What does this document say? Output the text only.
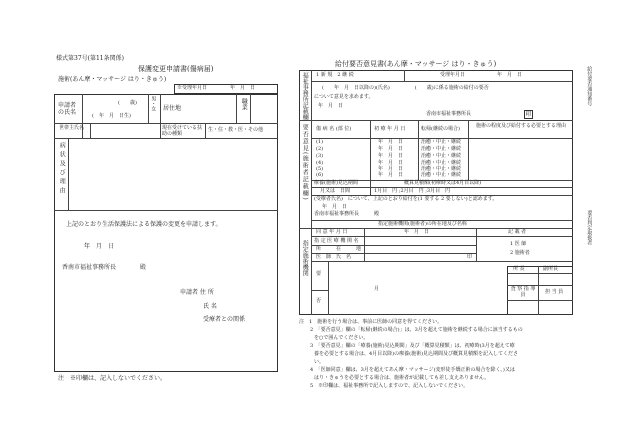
様式第37号(第11条関係)
保護変更申請書(傷病届)
施術(あん摩・マッサージ はり・きゅう)
※受理年月日	年　月　日
申請者の氏名
(　　歳)
(　年　月　日生)
男・女 居住地	職業
世帯主氏名	現在受けている扶助の種類
生・住・教・医・その他
病状及び理由
上記のとおり生活保護法による保護の変更を申請します。
年　月　日
香南市福祉事務所長　　　　殿
申請者 住 所
氏 名
受療者との関係
注　※印欄は、記入しないでください。
給付要否意見書(あん摩・マッサージ はり・きゅう)
福祉事務所記載欄
要否意見(施術者記載欄)
指定施術機関
1 新 規　2 継 続	受理年月日	年　月　日
(　　年　月　日以降の)(氏名)　　　　　(　　歳)に係る施術の給付の要否
について意見を求めます。
年　月　日
香南市福祉事務所長	印
傷 病 名 (部 位)	初 療 年 月 日	転帰(継続の場合)	施術の程度及び給付する必要とする理由
(1)	年　月　日	治癒・中止・継続
(2)	年　月　日	治癒・中止・継続
(3)	年　月　日	治癒・中止・継続
(4)	年　月　日	治癒・中止・継続
(5)	年　月　日	治癒・中止・継続
(6)	年　月　日	治癒・中止・継続
療養(施術)見込期間	概算見積額(初療時又は4月目以降)
月又は　日間	1月目　円 ;2月目　円 ;3月目　円
(受療者氏名)　について、上記のとおり給付を(1 要する 2 要しない)と認めます。
年　月　日
香南市福祉事務所長　　　殿
指定施術機関(施術者)の所在地及び名称
同 意 年 月 日	年　月　日	記 載 者
指 定 医 療 機 関 名
所　　　在　　　地
医　師　氏　名	印
1 医 師
2 施術者
要
否
月
所 長	副所長
査 察 指 導 員	担 当 員
給付要否通知番号
要否判定取扱者
注　1　施術を行う場合は、事前に医師の同意を得てください。
2　「要否意見」欄の「転帰(継続の場合)」は、3月を超えて施術を継続する場合に該当するもの
を○で囲んでください。
3　「要否意見」欄の「療養(施術)見込期間」及び「概算見積額」は、初療時(3月を超えて療
養を必要とする場合は、4月目以降)の療養(施術)見込期間及び概算見積額を記入してくださ
い。
4　「医師同意」欄は、3月を超えてあん摩・マッサージ(変形徒手矯正術の場合を除く。)又は
はり・きゅうを必要とする場合は、施術者が記載しても差し支えありません。
5　※印欄は、福祉事務所で記入しますので、記入しないでください。
